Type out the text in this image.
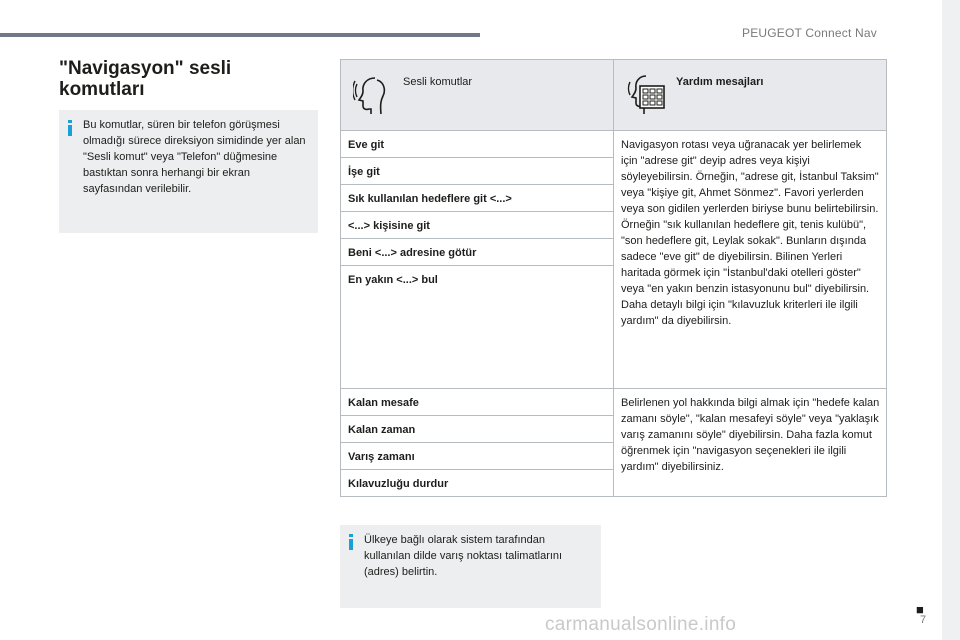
PEUGEOT Connect Nav
"Navigasyon" sesli komutları

Bu komutlar, süren bir telefon görüşmesi olmadığı sürece direksiyon simidinde yer alan "Sesli komut" veya "Telefon" düğmesine bastıktan sonra herhangi bir ekran sayfasından verilebilir.

Sesli komutlar	Yardım mesajları

Eve git	Navigasyon rotası veya uğranacak yer belirlemek için "adrese git" deyip adres veya kişiyi söyleyebilirsin. Örneğin, "adrese git, İstanbul Taksim" veya "kişiye git, Ahmet Sönmez". Favori yerlerden veya son gidilen yerlerden biriyse bunu belirtebilirsin. Örneğin "sık kullanılan hedeflere git, tenis kulübü", "son hedeflere git, Leylak sokak". Bunların dışında sadece "eve git" de diyebilirsin. Bilinen Yerleri haritada görmek için "İstanbul'daki otelleri göster" veya "en yakın benzin istasyonunu bul" diyebilirsin. Daha detaylı bilgi için "kılavuzluk kriterleri ile ilgili yardım" da diyebilirsin.
İşe git	
Sık kullanılan hedeflere git <...>	
<...> kişisine git	
Beni <...> adresine götür	
En yakın <...> bul	
Kalan mesafe	Belirlenen yol hakkında bilgi almak için "hedefe kalan zamanı söyle", "kalan mesafeyi söyle" veya "yaklaşık varış zamanını söyle" diyebilirsin. Daha fazla komut öğrenmek için "navigasyon seçenekleri ile ilgili yardım" diyebilirsiniz.
Kalan zaman	
Varış zamanı	
Kılavuzluğu durdur	

Ülkeye bağlı olarak sistem tarafından kullanılan dilde varış noktası talimatlarını (adres) belirtin.

■
7
carmanualsonline.info
